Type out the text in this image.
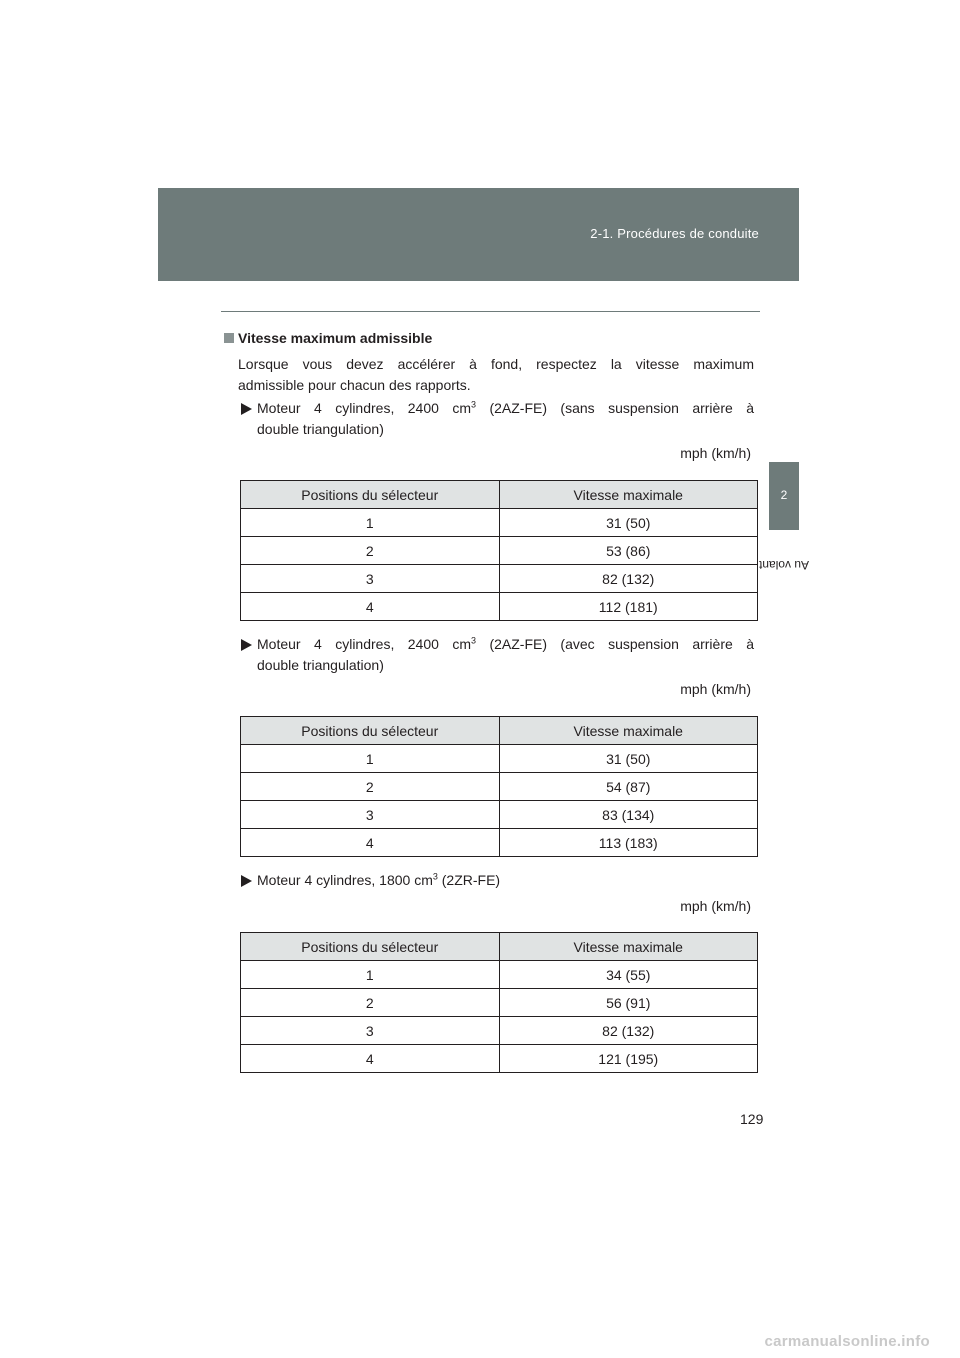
2-1. Procédures de conduite
2
Au volant
Vitesse maximum admissible
Lorsque vous devez accélérer à fond, respectez la vitesse maximum
admissible pour chacun des rapports.
Moteur 4 cylindres, 2400 $cm^3$ (2AZ-FE) (sans suspension arrière à
double triangulation)
mph (km/h)
Positions du sélecteur	Vitesse maximale
1	31 (50)
2	53 (86)
3	82 (132)
4	112 (181)
Moteur 4 cylindres, 2400 $cm^3$ (2AZ-FE) (avec suspension arrière à
double triangulation)
mph (km/h)
Positions du sélecteur	Vitesse maximale
1	31 (50)
2	54 (87)
3	83 (134)
4	113 (183)
Moteur 4 cylindres, 1800 $cm^3$ (2ZR-FE)
mph (km/h)
Positions du sélecteur	Vitesse maximale
1	34 (55)
2	56 (91)
3	82 (132)
4	121 (195)
129
carmanualsonline.info
